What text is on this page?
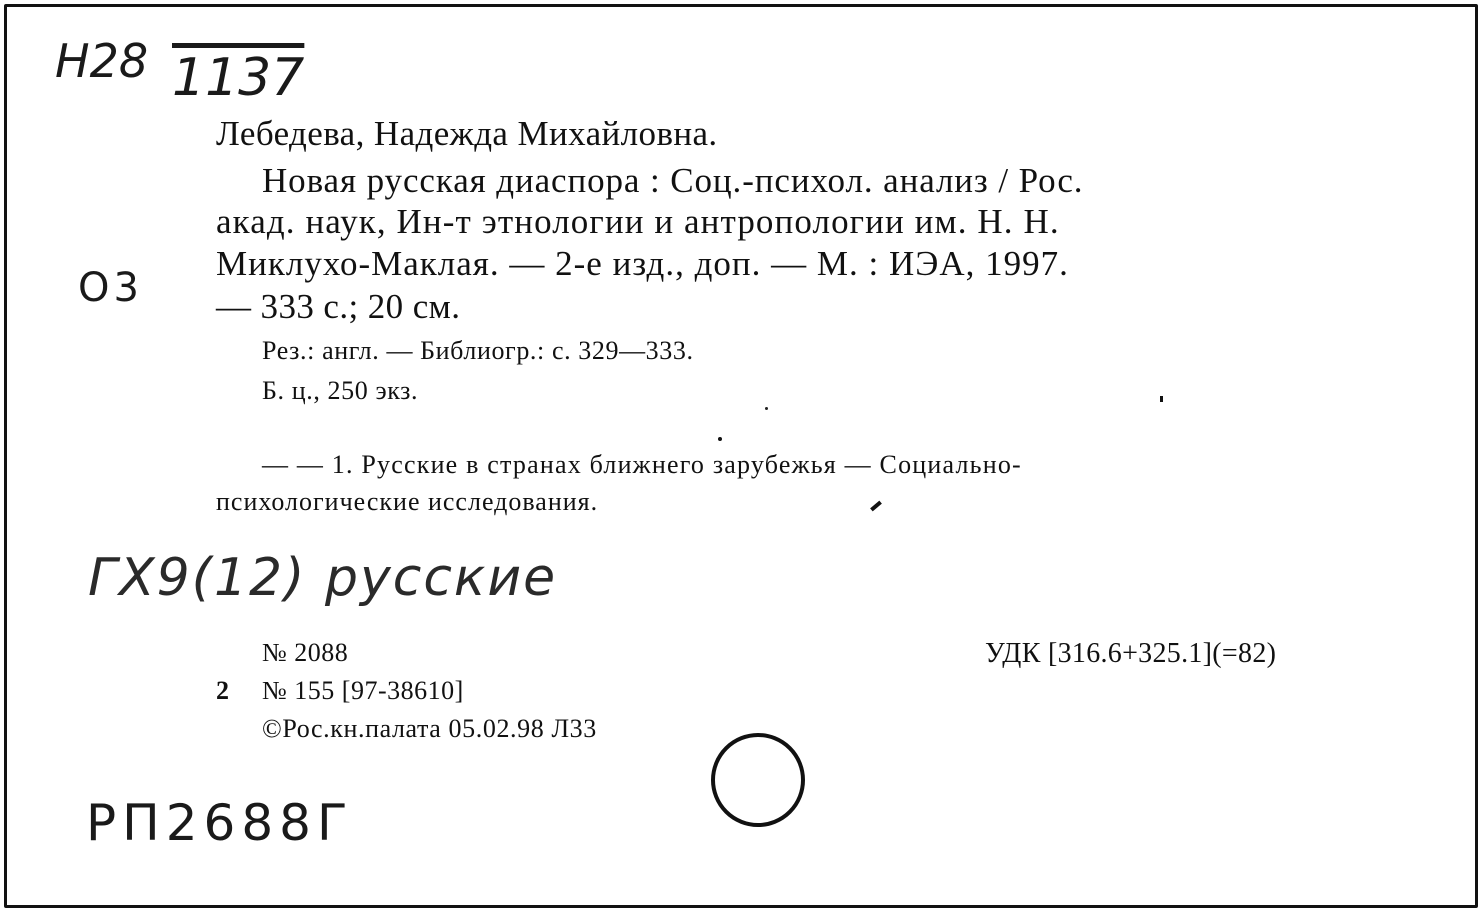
Н28 1137
О3
Лебедева, Надежда Михайловна.
Новая русская диаспора : Соц.-психол. анализ / Рос.
акад. наук, Ин-т этнологии и антропологии им. Н. Н.
Миклухо-Маклая. — 2-е изд., доп. — М. : ИЭА, 1997.
— 333 с.; 20 см.
Рез.: англ. — Библиогр.: с. 329—333.
Б. ц., 250 экз.
— — 1. Русские в странах ближнего зарубежья — Социально-
психологические исследования.
ГХ9(12) русские
№ 2088	УДК [316.6+325.1](=82)
2 № 155 [97-38610]
©Рос.кн.палата 05.02.98 Л33
РП2688Г
